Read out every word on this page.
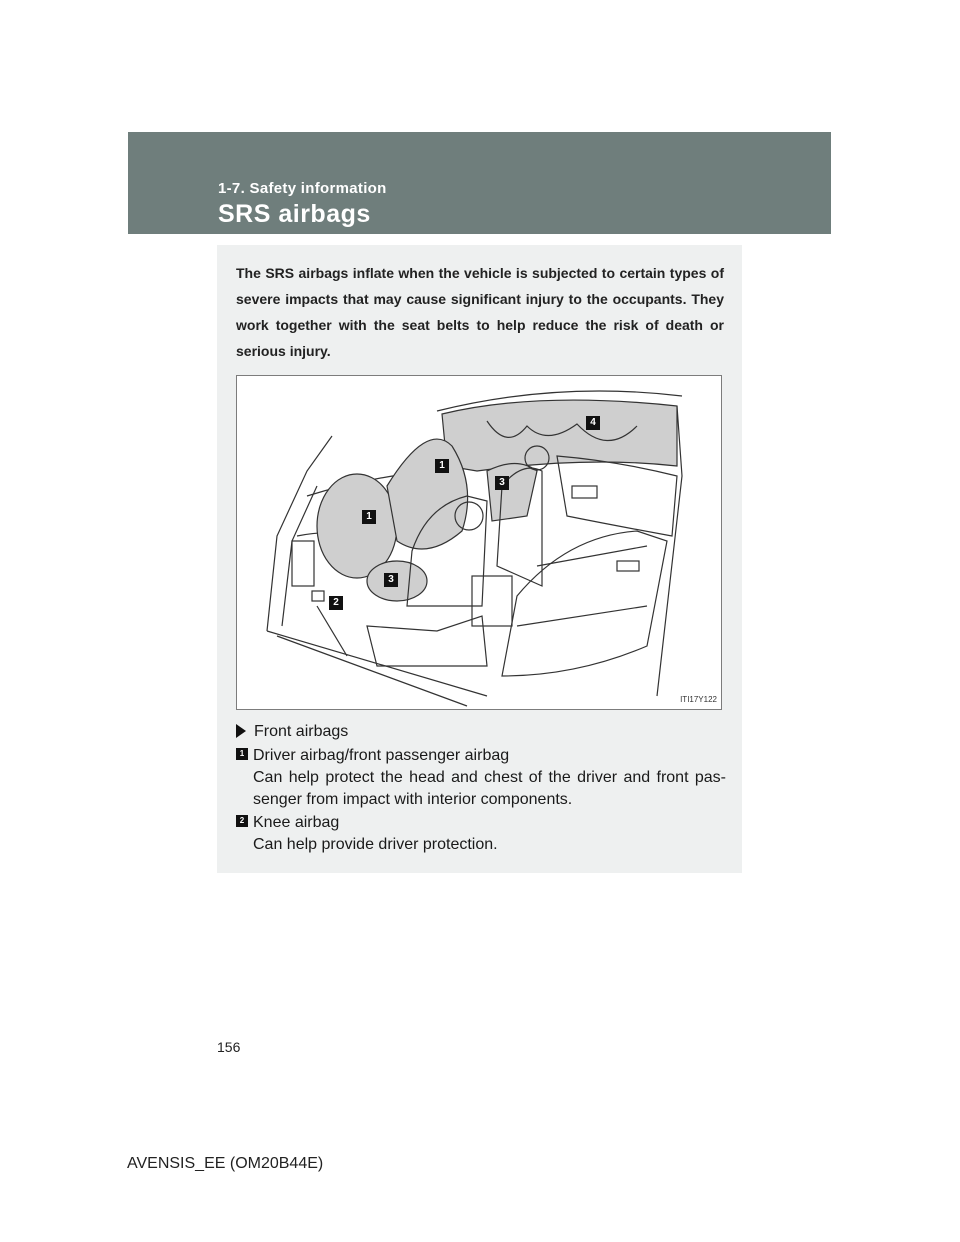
1-7. Safety information
SRS airbags
The SRS airbags inflate when the vehicle is subjected to certain types of severe impacts that may cause significant injury to the occupants. They work together with the seat belts to help reduce the risk of death or serious injury.
1
1
2
3
3
4
ITI17Y122
Front airbags
1 Driver airbag/front passenger airbag
Can help protect the head and chest of the driver and front pas-senger from impact with interior components.
2 Knee airbag
Can help provide driver protection.
156
AVENSIS_EE (OM20B44E)
